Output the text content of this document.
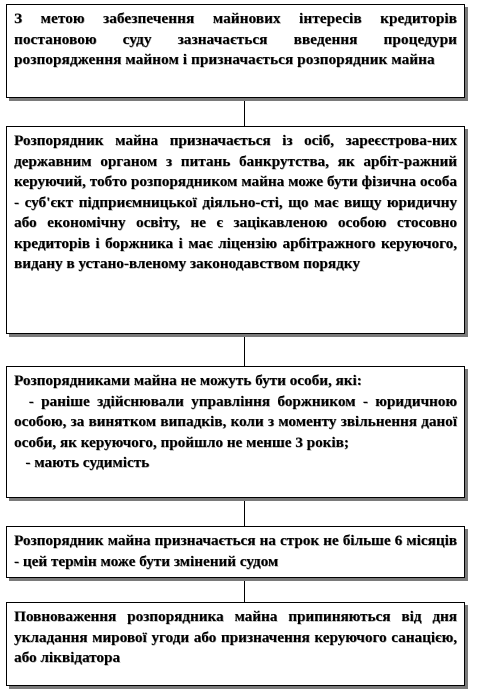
З метою забезпечення майнових інтересів кредиторів постановою суду зазначається введення процедури розпорядження майном і призначається розпорядник майна

Розпорядник майна призначається із осіб, зареєстрова-них державним органом з питань банкрутства, як арбіт-ражний керуючий, тобто розпорядником майна може бути фізична особа - суб'єкт підприємницької діяльно-сті, що має вищу юридичну або економічну освіту, не є зацікавленою особою стосовно кредиторів і боржника і має ліцензію арбітражного керуючого, видану в устано-вленому законодавством порядку

Розпорядниками майна не можуть бути особи, які:

- раніше здійснювали управління боржником - юридичною особою, за винятком випадків, коли з моменту звільнення даної особи, як керуючого, пройшло не менше 3 років;

- мають судимість

Розпорядник майна призначається на строк не більше 6 місяців - цей термін може бути змінений судом

Повноваження розпорядника майна припиняються від дня укладання мирової угоди або призначення керуючого санацією, або ліквідатора
